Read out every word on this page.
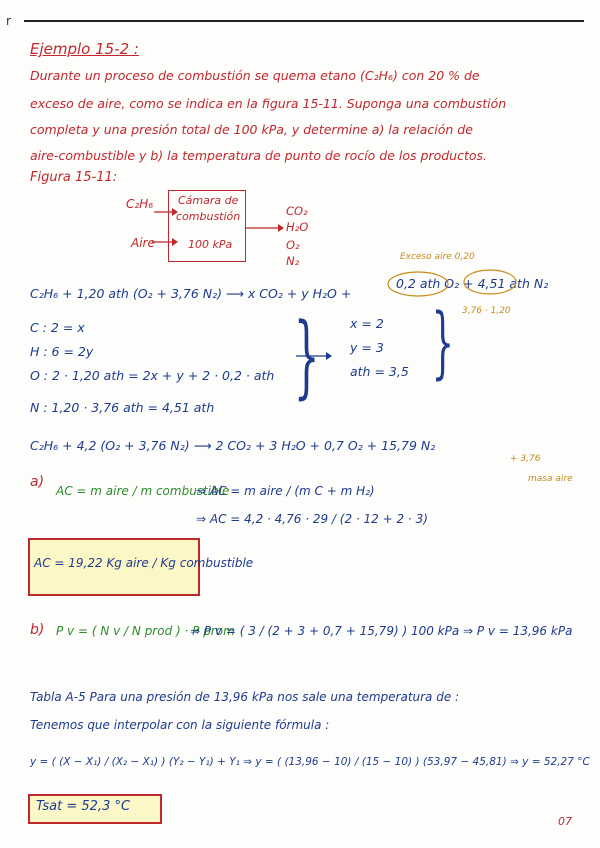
r
Ejemplo 15-2 :
Durante un proceso de combustión se quema etano (C₂H₆) con 20 % de
exceso de aire, como se indica en la figura 15-11. Suponga una combustión
completa y una presión total de 100 kPa, y determine a) la relación de
aire-combustible y b) la temperatura de punto de rocío de los productos.
Figura 15-11:
C₂H₆
Aire
Cámara de
combustión
100 kPa
CO₂
H₂O
O₂
N₂	Exceso aire 0,20
C₂H₆ + 1,20 ath (O₂ + 3,76 N₂) ⟶ x CO₂ + y H₂O +
0,2 ath O₂ + 4,51 ath N₂
3,76 · 1,20
C : 2 = x
H : 6 = 2y
O : 2 · 1,20 ath = 2x + y + 2 · 0,2 · ath
N : 1,20 · 3,76 ath = 4,51 ath } x = 2
y = 3
ath = 3,5 }
C₂H₆ + 4,2 (O₂ + 3,76 N₂) ⟶ 2 CO₂ + 3 H₂O + 0,7 O₂ + 15,79 N₂
a)
AC = m aire / m combustible
⇒ AC = m aire / (m C + m H₂)
+ 3,76
masa aire
⇒ AC = 4,2 · 4,76 · 29 / (2 · 12 + 2 · 3)
AC = 19,22 Kg aire / Kg combustible
b) P v = ( N v / N prod ) · P prom
⇒ P v = ( 3 / (2 + 3 + 0,7 + 15,79) ) 100 kPa ⇒ P v = 13,96 kPa
Tabla A-5 Para una presión de 13,96 kPa nos sale una temperatura de :
Tenemos que interpolar con la siguiente fórmula :
y = ( (X − X₁) / (X₂ − X₁) ) (Y₂ − Y₁) + Y₁ ⇒ y = ( (13,96 − 10) / (15 − 10) ) (53,97 − 45,81) ⇒ y = 52,27 °C
Tsat = 52,3 °C
07
